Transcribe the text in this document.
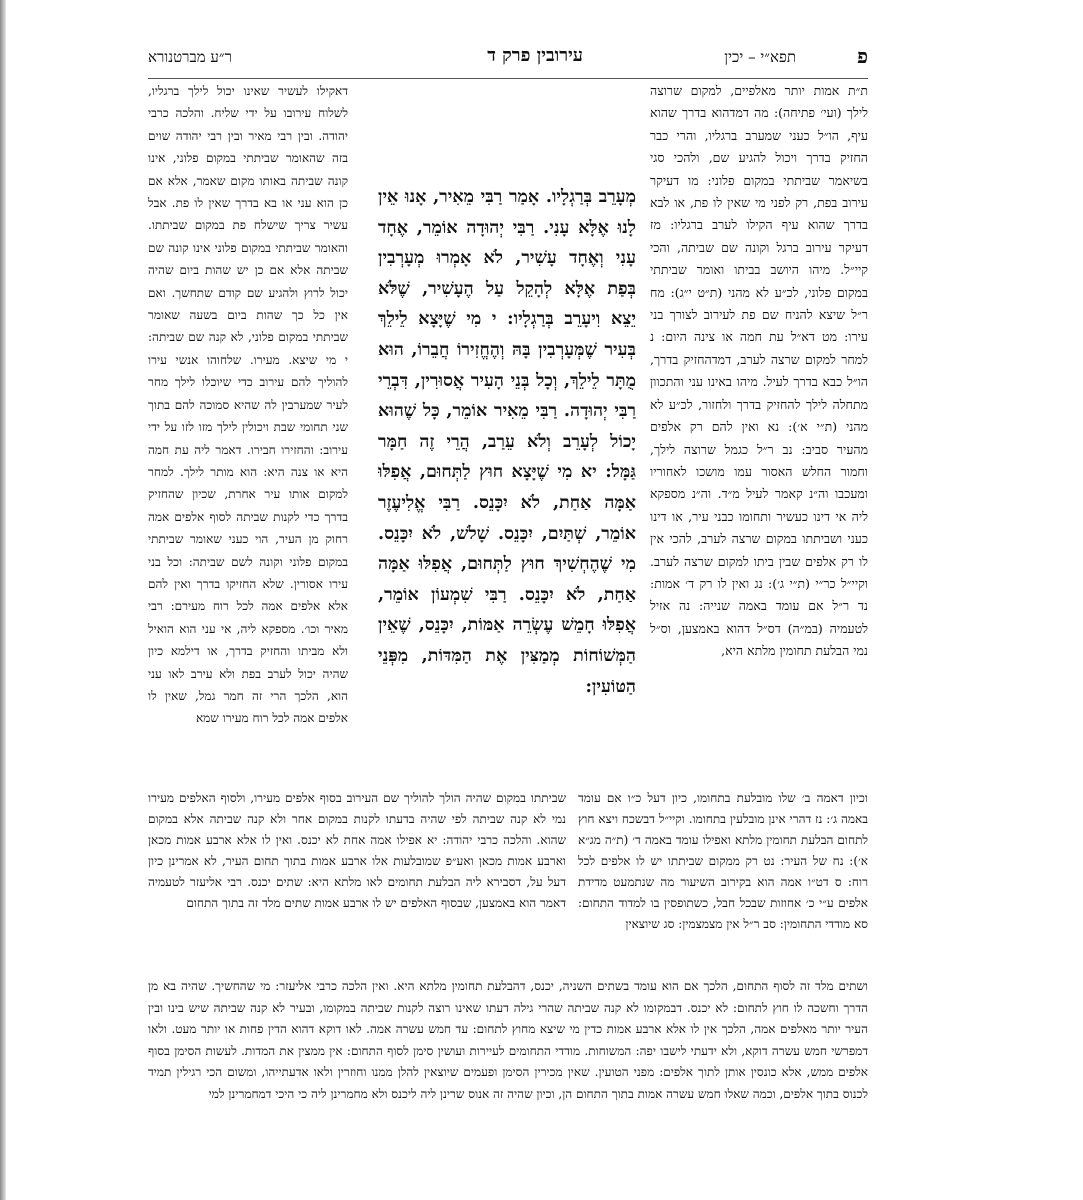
פ
תפא״י – יכין
עירובין פרק ד
ר״ע מברטנורא
ת״ת אמות יותר מאלפיים, למקום שרוצה לילך (ועי׳ פתיחה): מה דמדהוא בדרך שהוא עיף, הו״ל כעני שמערב ברגליו, והרי כבר החזיק בדרך ויכול להגיע שם, ולהכי סגי בשיאמר שביתתי במקום פלוני: מו דעיקר עירוב בפת, רק לפני מי שאין לו פת, או לבא בדרך שהוא עיף הקילו לערב ברגליו: מז דעיקר עירוב ברגל וקונה שם שביתה, והכי קיי״ל. מיהו היושב בביתו ואומר שביתתי במקום פלוני, לכ״ע לא מהני (ת״ט י״ג): מח ר״ל שיצא להניח שם פת לעירוב לצורך בני עירו: מט דא״ל עת חמה או צינה היום: נ למחר למקום שרצה לערב, דמדהחזיק בדרך, הו״ל כבא בדרך לעיל. מיהו באינו עני והתכוון מתחלה לילך להחזיק בדרך ולחזור, לכ״ע לא מהני (ת״י א׳): נא ואין להם רק אלפים מהעיר סביב: נב ר״ל כגמל שרוצה לילך, וחמור החלש האסור עמו מושכו לאחוריו ומעכבו וה״נ קאמר לעיל מ״ד. וה״נ מספקא ליה אי דינו כעשיר ותחומו כבני עיר, או דינו כעני ושביתתו במקום שרצה לערב, להכי אין לו רק אלפים שבין ביתו למקום שרצה לערב. וקיי״ל כר״י (ת״י ג׳): נג ואין לו רק ד׳ אמות: נד ר״ל אם עומד באמה שנייה: נה אזיל לטעמיה (במ״ה) דס״ל דהוא באמצען, וס״ל נמי הבלעת תחומין מלתא היא,
מְעָרֵב בְּרַגְלָיו. אָמַר רַבִּי מֵאִיר, אָנוּ אֵין לָנוּ אֶלָּא עָנִי. רַבִּי יְהוּדָה אוֹמֵר, אֶחָד עָנִי וְאֶחָד עָשִׁיר, לֹא אָמְרוּ מְעָרְבִין בְּפַת אֶלָּא לְהָקֵל עַל הֶעָשִׁיר, שֶׁלֹּא יֵצֵא וִיעָרֵב בְּרַגְלָיו: י מִי שֶׁיָּצָא לֵילֵךְ בְּעִיר שֶׁמְּעָרְבִין בָּהּ וְהֶחֱזִירוֹ חֲבֵרוֹ, הוּא מֻתָּר לֵילֵךְ, וְכָל בְּנֵי הָעִיר אֲסוּרִין, דִּבְרֵי רַבִּי יְהוּדָה. רַבִּי מֵאִיר אוֹמֵר, כָּל שֶׁהוּא יָכוֹל לְעָרֵב וְלֹא עֵרַב, הֲרֵי זֶה חַמָּר גַּמָּל: יא מִי שֶׁיָּצָא חוּץ לַתְּחוּם, אֲפִלּוּ אַמָּה אַחַת, לֹא יִכָּנֵס. רַבִּי אֱלִיעֶזֶר אוֹמֵר, שְׁתַּיִם, יִכָּנֵס. שָׁלֹשׁ, לֹא יִכָּנֵס. מִי שֶׁהֶחְשִׁיךְ חוּץ לַתְּחוּם, אֲפִלּוּ אַמָּה אַחַת, לֹא יִכָּנֵס. רַבִּי שִׁמְעוֹן אוֹמֵר, אֲפִלּוּ חָמֵשׁ עֶשְׂרֵה אַמּוֹת, יִכָּנֵס, שֶׁאֵין הַמְּשׁוֹחוֹת מְמַצִּין אֶת הַמִּדּוֹת, מִפְּנֵי הַטּוֹעִין:
דאקילו לעשיר שאינו יכול לילך ברגליו, לשלוח עירובו על ידי שליח. והלכה כרבי יהודה. ובין רבי מאיר ובין רבי יהודה שוים בזה שהאומר שביתתי במקום פלוני, אינו קונה שביתה באותו מקום שאמר, אלא אם כן הוא עני או בא בדרך שאין לו פת. אבל עשיר צריך שישלח פת במקום שביתתו. והאומר שביתתי במקום פלוני אינו קונה שם שביתה אלא אם כן יש שהות ביום שהיה יכול לרוץ ולהגיע שם קודם שתחשך. ואם אין כל כך שהות ביום בשעה שאומר שביתתי במקום פלוני, לא קנה שם שביתה: י מי שיצא. מעירו. שלחוהו אנשי עירו להוליך להם עירוב כדי שיוכלו לילך מחר לעיר שמערבין לה שהיא סמוכה להם בתוך שני תחומי שבת ויכולין לילך מזו לזו על ידי עירוב: והחזירו חבירו. דאמר ליה עת חמה היא או צנה היא: הוא מותר לילך. למחר למקום אותו עיר אחרת, שכיון שהחזיק בדרך כדי לקנות שביתה לסוף אלפים אמה רחוק מן העיר, הוי כעני שאומר שביתתי במקום פלוני וקונה לשם שביתה: וכל בני עירו אסורין. שלא החזיקו בדרך ואין להם אלא אלפים אמה לכל רוח מעירם: רבי מאיר וכו׳. מספקא ליה, אי עני הוא הואיל ולא מביתו והחזיק בדרך, או דילמא כיון שהיה יכול לערב בפת ולא עירב לאו עני הוא, הלכך הרי זה חמר גמל, שאין לו אלפים אמה לכל רוח מעירו שמא
וכיון דאמה ב׳ שלו מובלעת בתחומו, כיון דעל כ״ו אם עומד באמה ג׳: נז דהרי אינן מובלעין בתחומו. וקיי״ל דבשכח ויצא חוץ לתחום הבלעת תחומין מלתא ואפילו עומד באמה ד׳ (ת״ה מג״א א׳): נח של העיר: נט רק ממקום שביתתו יש לו אלפים לכל רוח: ס דט״ו אמה הוא בקירוב השיעור מה שנתמעט מדידת אלפים ע״י כ׳ אחוזות שבכל חבל, כשתופסין בו למדוד התחום: סא מודדי התחומין: סב ר״ל אין מצמצמין: סג שיוצאין
שביתתו במקום שהיה הולך להוליך שם העירוב בסוף אלפים מעירו, ולסוף האלפים מעירו נמי לא קנה שביתה לפי שהיה בדעתו לקנות במקום אחר ולא קנה שביתה אלא במקום שהוא. והלכה כרבי יהודה: יא אפילו אמה אחת לא יכנס. ואין לו אלא ארבע אמות מכאן וארבע אמות מכאן ואע״פ שמובלעות אלו ארבע אמות בתוך תחום העיר, לא אמרינן כיון דעל על, דסבירא ליה הבלעת תחומים לאו מלתא היא: שתים יכנס. רבי אליעזר לטעמיה דאמר הוא באמצען, שבסוף האלפים יש לו ארבע אמות שתים מלד זה בתוך התחום
ושתים מלד זה לסוף התחום, הלכך אם הוא עומד בשתים השניה, יכנס, דהבלעת תחומין מלתא היא. ואין הלכה כרבי אליעזר: מי שהחשיך. שהיה בא מן הדרך וחשכה לו חוץ לתחום: לא יכנס. דבמקומו לא קנה שביתה שהרי גילה דעתו שאינו רוצה לקנות שביתה במקומו, ובעיר לא קנה שביתה שיש בינו ובין העיר יותר מאלפים אמה, הלכך אין לו אלא ארבע אמות כדין מי שיצא מחוץ לתחום: עד חמש עשרה אמה. לאו דוקא דהוא הדין פחות או יותר מעט. ולאו דמפרשי חמש עשרה דוקא, ולא ידעתי לישבו יפה: המשוחות. מודדי התחומים לעיירות ועושין סימן לסוף התחום: אין ממצין את המדות. לעשות הסימן בסוף אלפים ממש, אלא כונסין אותן לתוך אלפים: מפני הטועין. שאין מכירין הסימן ופעמים שיוצאין להלן ממנו וחוזרין ולאו אדעתייהו, ומשום הכי רגילין תמיד לכנוס בתוך אלפים, וכמה שאלו חמש עשרה אמות בתוך התחום הן, וכיון שהיה זה אנוס שרינן ליה ליכנס ולא מחמרינן ליה כי היכי דמחמרינן למי
